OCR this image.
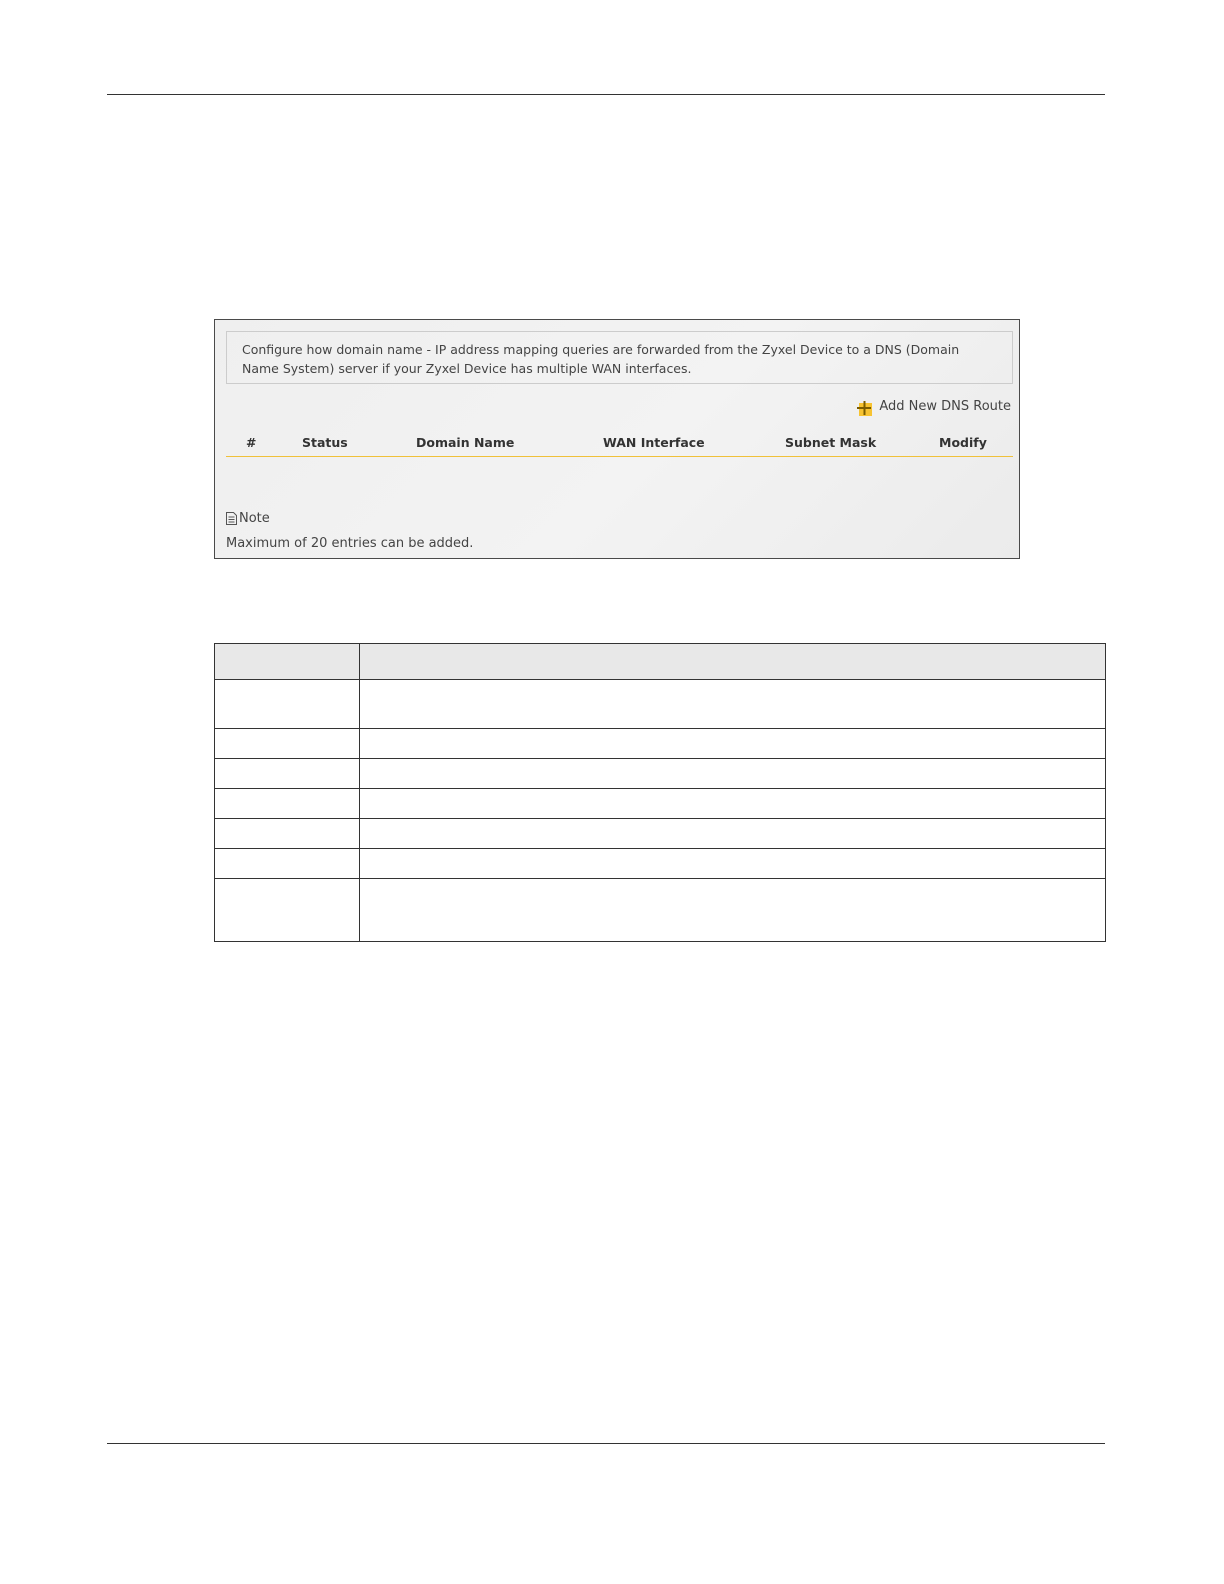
Configure how domain name - IP address mapping queries are forwarded from the Zyxel Device to a DNS (Domain Name System) server if your Zyxel Device has multiple WAN interfaces.
Add New DNS Route
#	Status	Domain Name	WAN Interface	Subnet Mask	Modify
Note
Maximum of 20 entries can be added.
